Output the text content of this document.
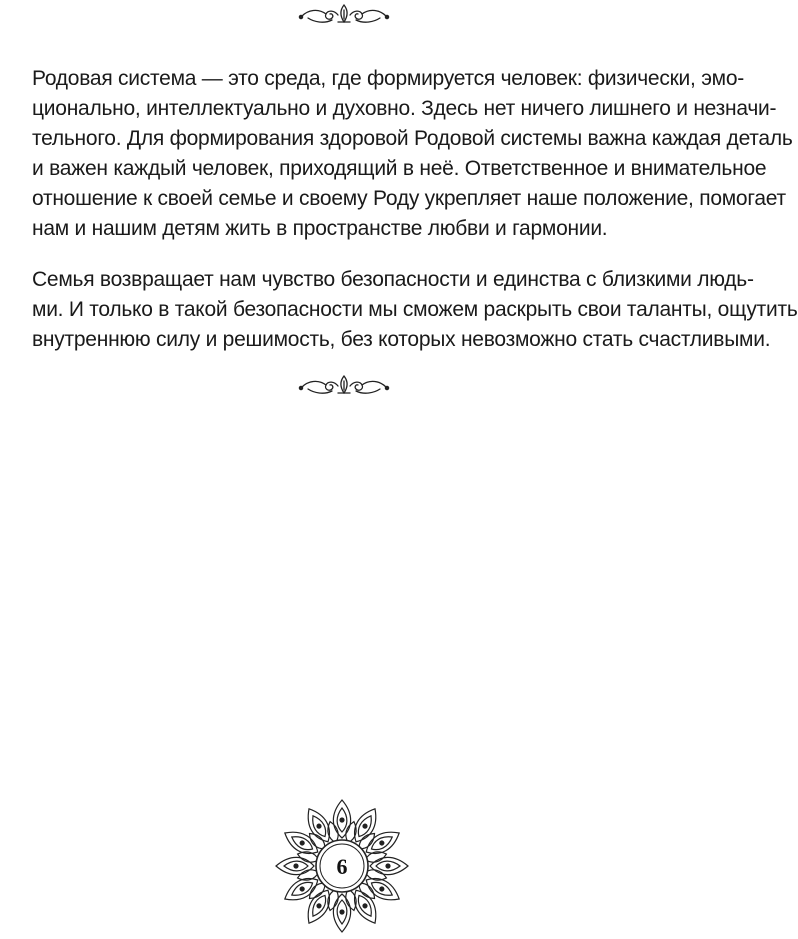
Родовая система — это среда, где формируется человек: физически, эмо-
ционально, интеллектуально и духовно. Здесь нет ничего лишнего и незначи-
тельного. Для формирования здоровой Родовой системы важна каждая деталь
и важен каждый человек, приходящий в неё. Ответственное и внимательное
отношение к своей семье и своему Роду укрепляет наше положение, помогает
нам и нашим детям жить в пространстве любви и гармонии.
Семья возвращает нам чувство безопасности и единства с близкими людь-
ми. И только в такой безопасности мы сможем раскрыть свои таланты, ощутить
внутреннюю силу и решимость, без которых невозможно стать счастливыми.
6
